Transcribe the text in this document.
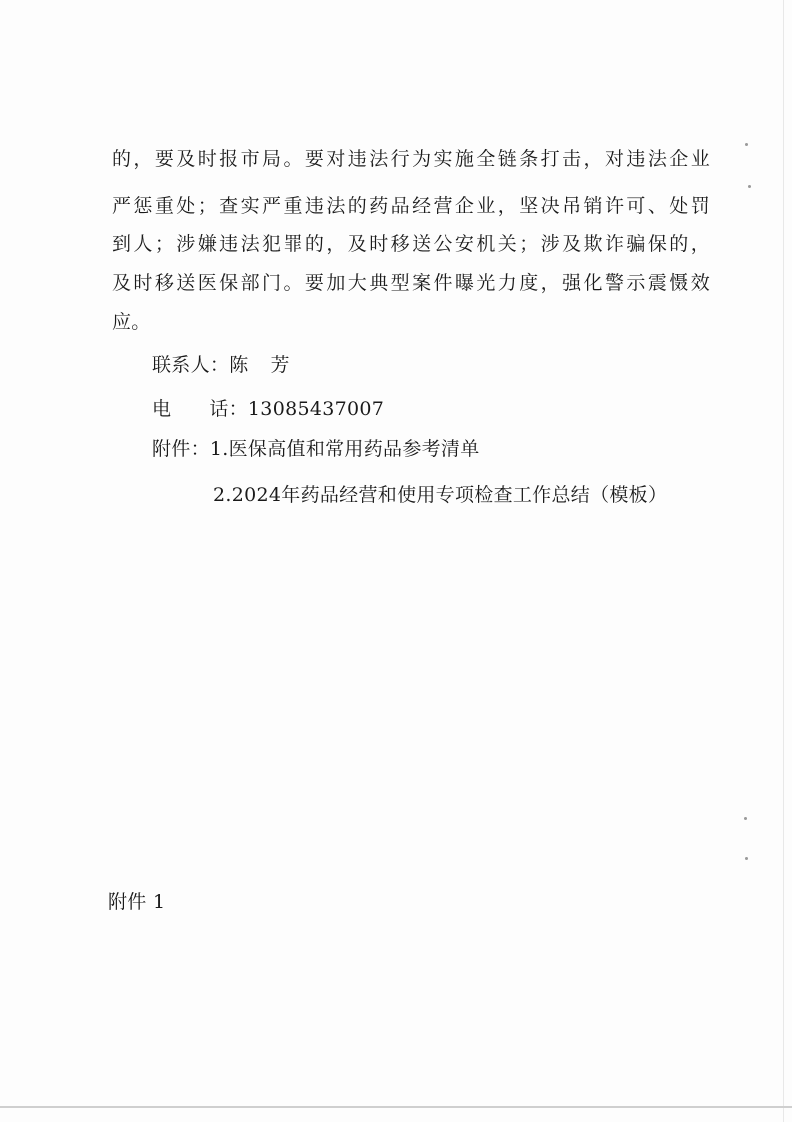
的，要及时报市局。要对违法行为实施全链条打击，对违法企业
严惩重处；查实严重违法的药品经营企业，坚决吊销许可、处罚
到人；涉嫌违法犯罪的，及时移送公安机关；涉及欺诈骗保的，
及时移送医保部门。要加大典型案件曝光力度，强化警示震慑效
应。
联系人：陈 芳
电 话：13085437007
附件：1.医保高值和常用药品参考清单
2.2024年药品经营和使用专项检查工作总结（模板）
附件 1
